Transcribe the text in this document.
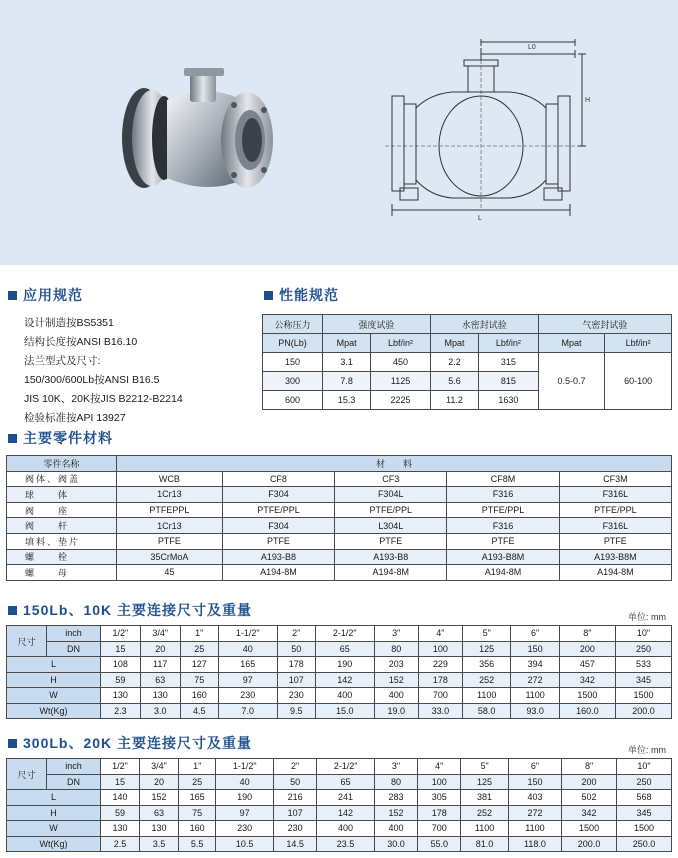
L0
H
L
应用规范	性能规范
设计制造按BS5351
结构长度按ANSI B16.10
法兰型式及尺寸:
150/300/600Lb按ANSI B16.5
JIS 10K、20K按JIS B2212-B2214
检验标准按API 13927
公称压力	强度试验		水密封试验		气密封试验	
PN(Lb)	Mpat	Lbf/in²	Mpat	Lbf/in²	Mpat	Lbf/in²
150	3.1	450	2.2	315	0.5-0.7	60-100
300	7.8	1125	5.6	815		
600	15.3	2225	11.2	1630		
主要零件材料
零件名称	材　　料				
阀体、阀盖	WCB	CF8	CF3	CF8M	CF3M
球　　体	1Cr13	F304	F304L	F316	F316L
阀　　座	PTFEPPL	PTFE/PPL	PTFE/PPL	PTFE/PPL	PTFE/PPL
阀　　杆	1Cr13	F304	L304L	F316	F316L
填料、垫片	PTFE	PTFE	PTFE	PTFE	PTFE
螺　　栓	35CrMoA	A193-B8	A193-B8	A193-B8M	A193-B8M
螺　　母	45	A194-8M	A194-8M	A194-8M	A194-8M
150Lb、10K 主要连接尺寸及重量	单位: mm
尺寸	inch	1/2"	3/4"	1"	1-1/2"	2"	2-1/2"	3"	4"	5"	6"	8"	10"
	DN	15	20	25	40	50	65	80	100	125	150	200	250
L		108	117	127	165	178	190	203	229	356	394	457	533
H		59	63	75	97	107	142	152	178	252	272	342	345
W		130	130	160	230	230	400	400	700	1100	1100	1500	1500
Wt(Kg)		2.3	3.0	4.5	7.0	9.5	15.0	19.0	33.0	58.0	93.0	160.0	200.0
300Lb、20K 主要连接尺寸及重量	单位: mm
尺寸	inch	1/2"	3/4"	1"	1-1/2"	2"	2-1/2"	3"	4"	5"	6"	8"	10"
	DN	15	20	25	40	50	65	80	100	125	150	200	250
L		140	152	165	190	216	241	283	305	381	403	502	568
H		59	63	75	97	107	142	152	178	252	272	342	345
W		130	130	160	230	230	400	400	700	1100	1100	1500	1500
Wt(Kg)		2.5	3.5	5.5	10.5	14.5	23.5	30.0	55.0	81.0	118.0	200.0	250.0
